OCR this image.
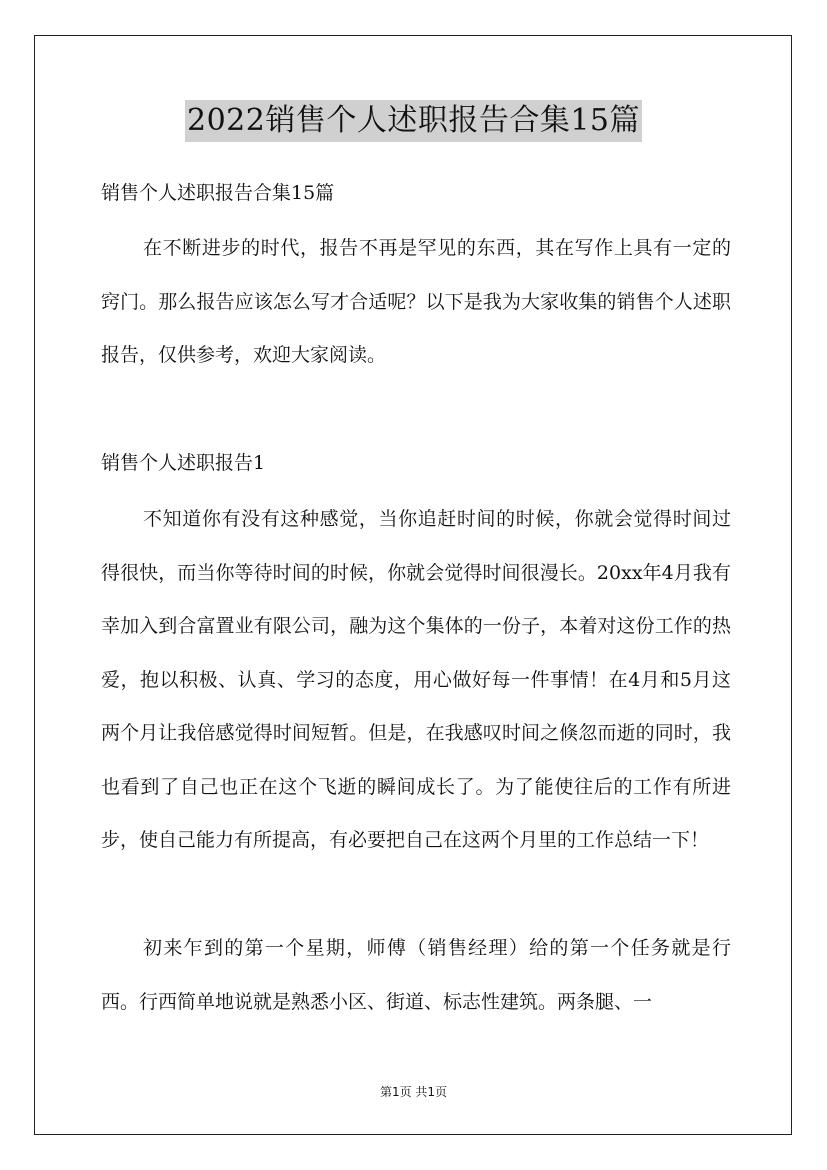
2022销售个人述职报告合集15篇
销售个人述职报告合集15篇
在不断进步的时代，报告不再是罕见的东西，其在写作上具有一定的窍门。那么报告应该怎么写才合适呢？以下是我为大家收集的销售个人述职报告，仅供参考，欢迎大家阅读。
销售个人述职报告1
不知道你有没有这种感觉，当你追赶时间的时候，你就会觉得时间过得很快，而当你等待时间的时候，你就会觉得时间很漫长。20xx年4月我有幸加入到合富置业有限公司，融为这个集体的一份子，本着对这份工作的热爱，抱以积极、认真、学习的态度，用心做好每一件事情！在4月和5月这两个月让我倍感觉得时间短暂。但是，在我感叹时间之倏忽而逝的同时，我也看到了自己也正在这个飞逝的瞬间成长了。为了能使往后的工作有所进步，使自己能力有所提高，有必要把自己在这两个月里的工作总结一下！
初来乍到的第一个星期，师傅（销售经理）给的第一个任务就是行西。行西简单地说就是熟悉小区、街道、标志性建筑。两条腿、一
第1页 共1页
